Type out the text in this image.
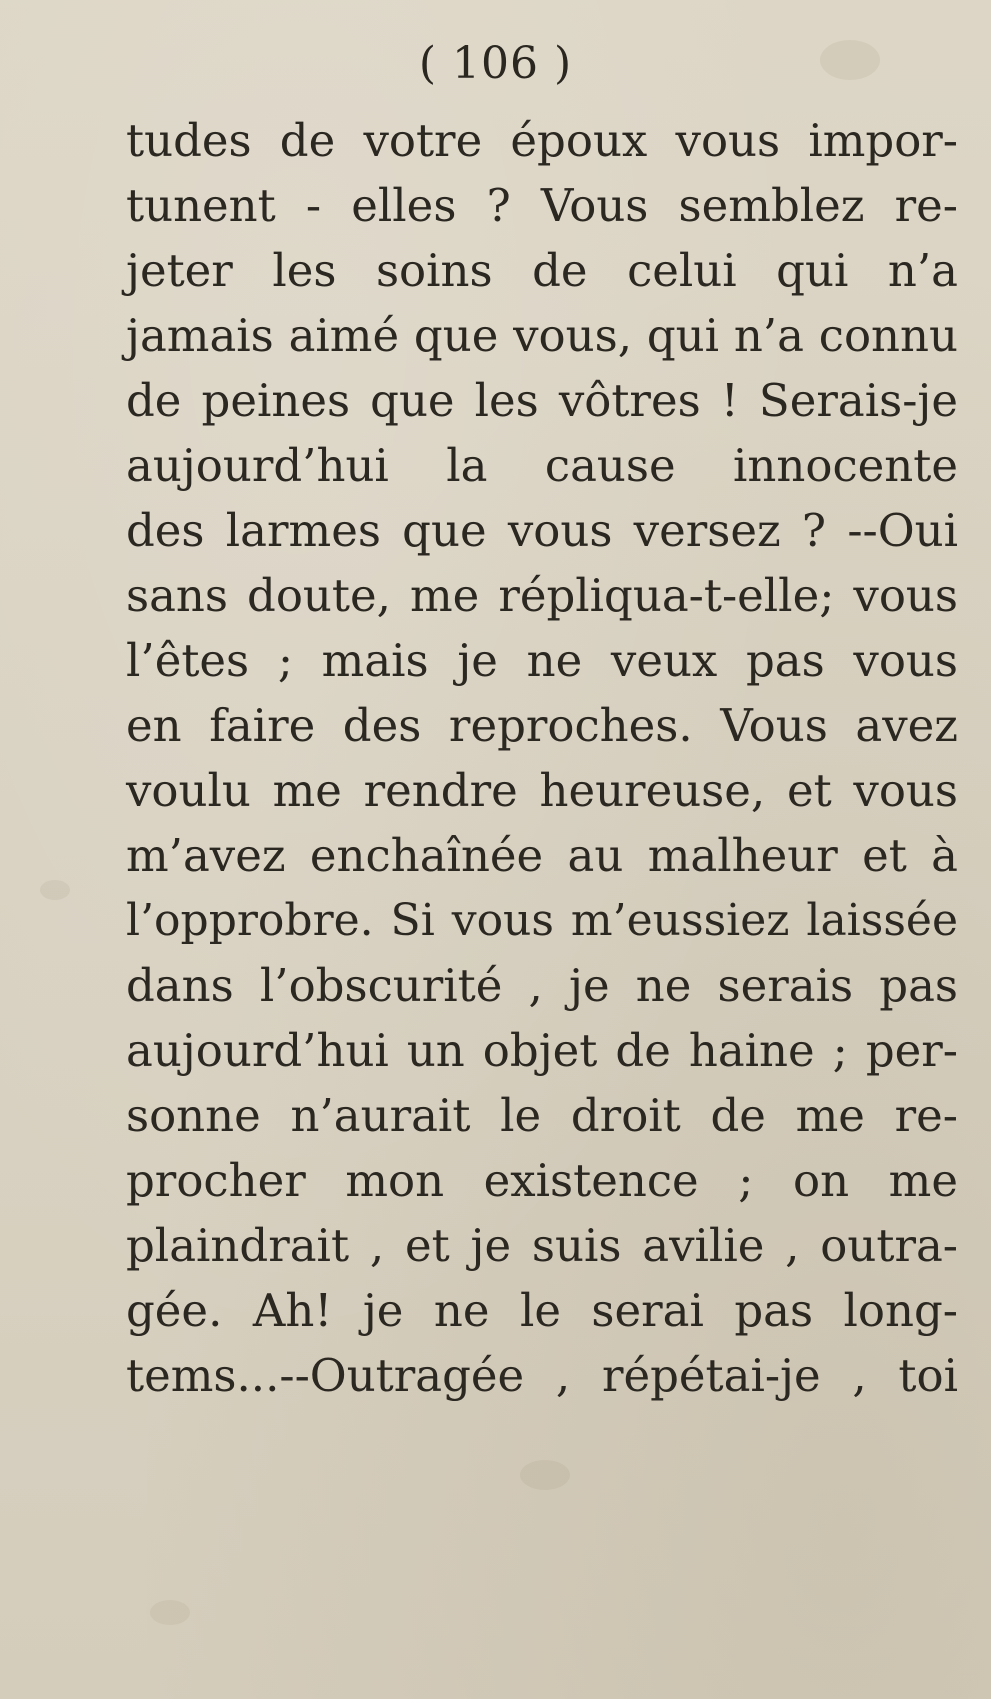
( 106 )
tudes de votre époux vous impor-
tunent - elles ? Vous semblez re-
jeter les soins de celui qui n’a
jamais aimé que vous, qui n’a connu
de peines que les vôtres ! Serais-je
aujourd’hui la cause innocente
des larmes que vous versez ? --Oui
sans doute, me répliqua-t-elle; vous
l’êtes ; mais je ne veux pas vous
en faire des reproches. Vous avez
voulu me rendre heureuse, et vous
m’avez enchaînée au malheur et à
l’opprobre. Si vous m’eussiez laissée
dans l’obscurité , je ne serais pas
aujourd’hui un objet de haine ; per-
sonne n’aurait le droit de me re-
procher mon existence ; on me
plaindrait , et je suis avilie , outra-
gée. Ah! je ne le serai pas long-
tems...--Outragée , répétai-je , toi
